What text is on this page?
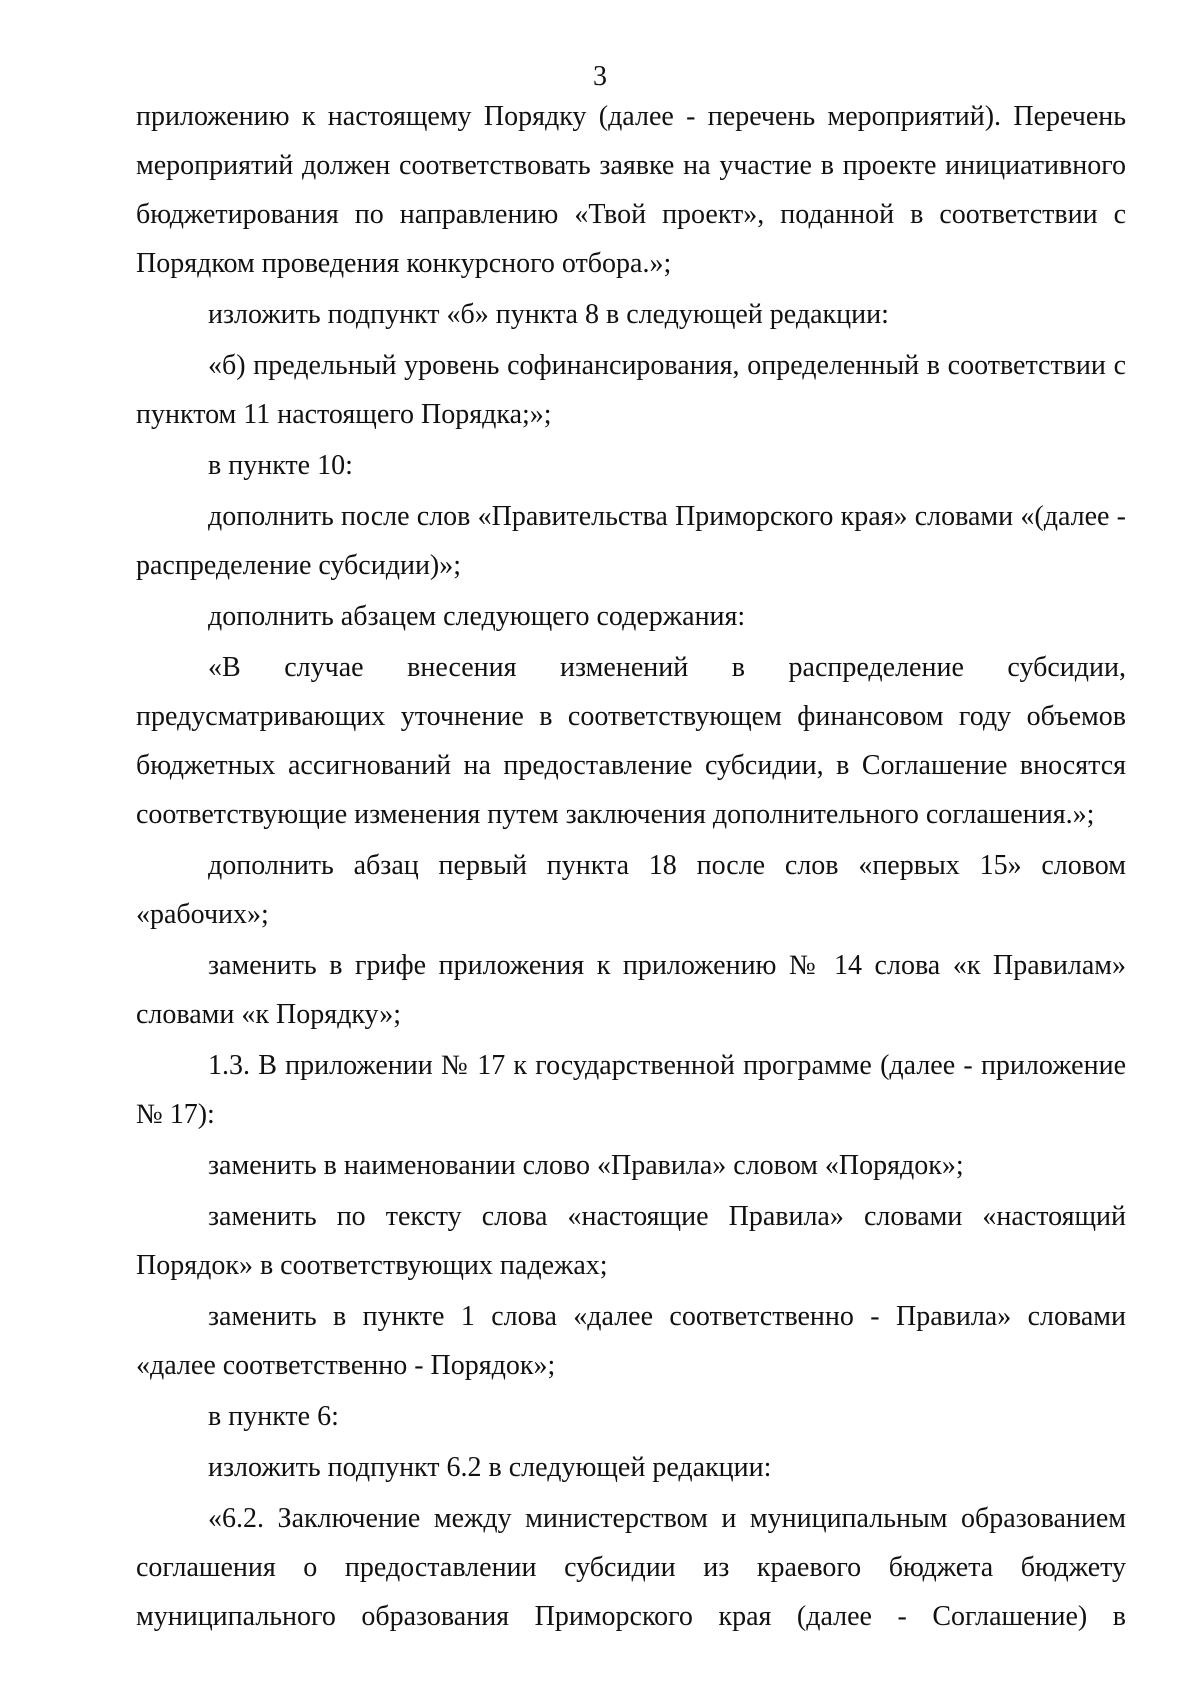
3

приложению к настоящему Порядку (далее - перечень мероприятий). Перечень мероприятий должен соответствовать заявке на участие в проекте инициативного бюджетирования по направлению «Твой проект», поданной в соответствии с Порядком проведения конкурсного отбора.»;

изложить подпункт «б» пункта 8 в следующей редакции:

«б) предельный уровень софинансирования, определенный в соответствии с пунктом 11 настоящего Порядка;»;

в пункте 10:

дополнить после слов «Правительства Приморского края» словами «(далее - распределение субсидии)»;

дополнить абзацем следующего содержания:

«В случае внесения изменений в распределение субсидии, предусматривающих уточнение в соответствующем финансовом году объемов бюджетных ассигнований на предоставление субсидии, в Соглашение вносятся соответствующие изменения путем заключения дополнительного соглашения.»;

дополнить абзац первый пункта 18 после слов «первых 15» словом «рабочих»;

заменить в грифе приложения к приложению № 14 слова «к Правилам» словами «к Порядку»;

1.3. В приложении № 17 к государственной программе (далее - приложение № 17):

заменить в наименовании слово «Правила» словом «Порядок»;

заменить по тексту слова «настоящие Правила» словами «настоящий Порядок» в соответствующих падежах;

заменить в пункте 1 слова «далее соответственно - Правила» словами «далее соответственно - Порядок»;

в пункте 6:

изложить подпункт 6.2 в следующей редакции:

«6.2. Заключение между министерством и муниципальным образованием соглашения о предоставлении субсидии из краевого бюджета бюджету муниципального образования Приморского края (далее - Соглашение) в
